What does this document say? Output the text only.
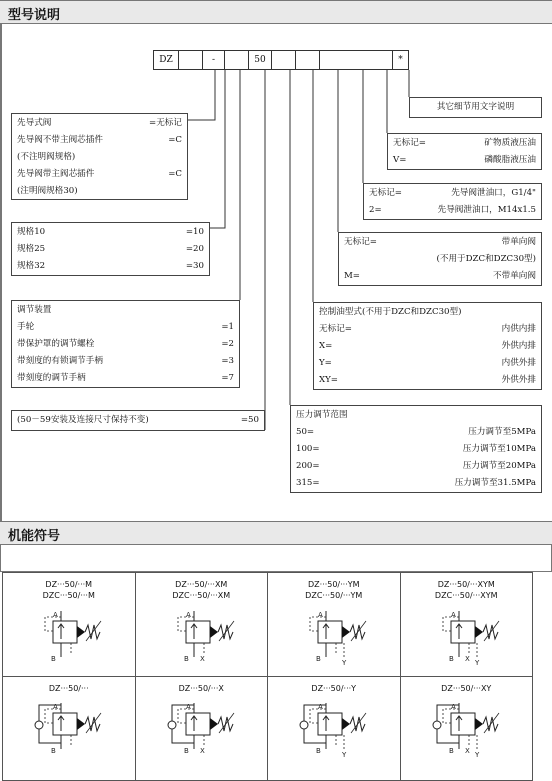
型号说明
DZ	-	50	*
先导式阀	=无标记
先导阀不带主阀芯插件	=C
(不注明阀规格)
先导阀带主阀芯插件	=C
(注明阀规格30)
规格10	=10
规格25	=20
规格32	=30
调节装置
手轮	=1
带保护罩的调节螺栓	=2
带刻度的有锁调节手柄	=3
带刻度的调节手柄	=7
(50－59安装及连接尺寸保持不变)	=50
其它细节用文字说明
无标记=	矿物质液压油
V=	磷酸脂液压油
无标记=	先导阀泄油口，G1/4"
2=	先导阀泄油口，M14x1.5
无标记=	带单向阀
(不用于DZC和DZC30型)
M=	不带单向阀
控制油型式(不用于DZC和DZC30型)
无标记=	内供内排
X=	外供内排
Y=	内供外排
XY=	外供外排
压力调节范围
50=	压力调节至5MPa
100=	压力调节至10MPa
200=	压力调节至20MPa
315=	压力调节至31.5MPa
机能符号
DZ···50/···M
DZC···50/···M
A
B
DZ···50/···XM
DZC···50/···XM
A
B X
DZ···50/···YM
DZC···50/···YM
A
B	Y
DZ···50/···XYM
DZC···50/···XYM
A
B X Y
DZ···50/···
A
B
DZ···50/···X
A
B X
DZ···50/···Y
A
B	Y
DZ···50/···XY
A
B X Y
